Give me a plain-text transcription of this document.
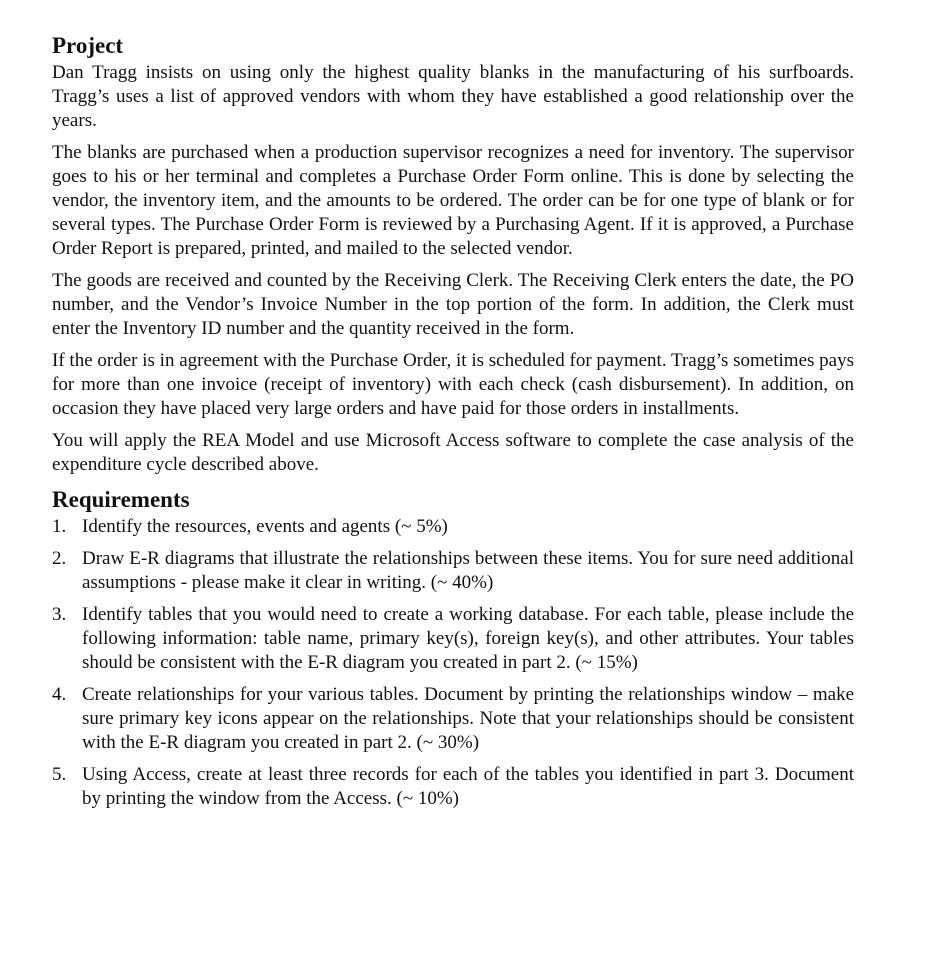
Project

Dan Tragg insists on using only the highest quality blanks in the manufacturing of his surfboards. Tragg’s uses a list of approved vendors with whom they have established a good relationship over the years.

The blanks are purchased when a production supervisor recognizes a need for inventory. The supervisor goes to his or her terminal and completes a Purchase Order Form online. This is done by selecting the vendor, the inventory item, and the amounts to be ordered. The order can be for one type of blank or for several types. The Purchase Order Form is reviewed by a Purchasing Agent. If it is approved, a Purchase Order Report is prepared, printed, and mailed to the selected vendor.

The goods are received and counted by the Receiving Clerk. The Receiving Clerk enters the date, the PO number, and the Vendor’s Invoice Number in the top portion of the form. In addition, the Clerk must enter the Inventory ID number and the quantity received in the form.

If the order is in agreement with the Purchase Order, it is scheduled for payment. Tragg’s sometimes pays for more than one invoice (receipt of inventory) with each check (cash disbursement). In addition, on occasion they have placed very large orders and have paid for those orders in installments.

You will apply the REA Model and use Microsoft Access software to complete the case analysis of the expenditure cycle described above.

Requirements
1. Identify the resources, events and agents (~ 5%)
2. Draw E-R diagrams that illustrate the relationships between these items. You for sure need additional assumptions - please make it clear in writing. (~ 40%)
3. Identify tables that you would need to create a working database. For each table, please include the following information: table name, primary key(s), foreign key(s), and other attributes. Your tables should be consistent with the E-R diagram you created in part 2. (~ 15%)
4. Create relationships for your various tables. Document by printing the relationships window – make sure primary key icons appear on the relationships. Note that your relationships should be consistent with the E-R diagram you created in part 2. (~ 30%)
5. Using Access, create at least three records for each of the tables you identified in part 3. Document by printing the window from the Access. (~ 10%)
